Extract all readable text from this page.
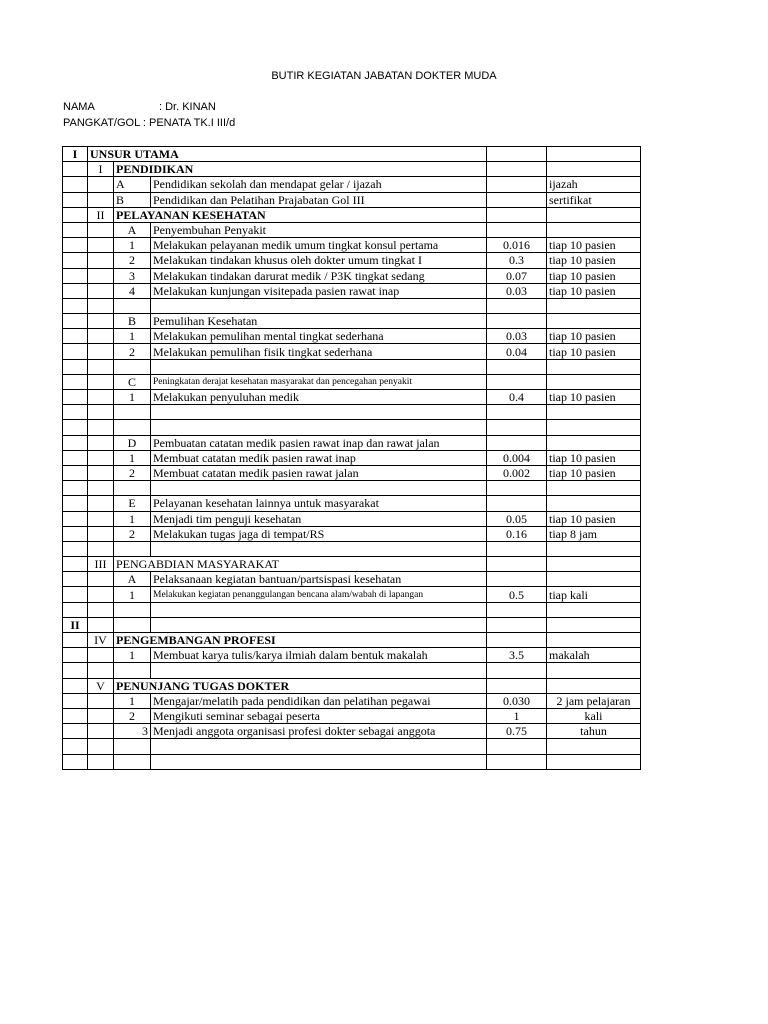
BUTIR KEGIATAN JABATAN DOKTER MUDA
NAMA	: Dr. KINAN
PANGKAT/GOL : PENATA TK.I III/d
I	UNSUR UTAMA				
	I	PENDIDIKAN			
		A	Pendidikan sekolah dan mendapat gelar / ijazah		ijazah
		B	Pendidikan dan Pelatihan Prajabatan Gol III		sertifikat
	II	PELAYANAN KESEHATAN			
		A	Penyembuhan Penyakit		
		1	Melakukan pelayanan medik umum tingkat konsul pertama	0.016	tiap 10 pasien
		2	Melakukan tindakan khusus oleh dokter umum tingkat I	0.3	tiap 10 pasien
		3	Melakukan tindakan darurat medik / P3K tingkat sedang	0.07	tiap 10 pasien
		4	Melakukan kunjungan visitepada pasien rawat inap	0.03	tiap 10 pasien

		B	Pemulihan Kesehatan		
		1	Melakukan pemulihan mental tingkat sederhana	0.03	tiap 10 pasien
		2	Melakukan pemulihan fisik tingkat sederhana	0.04	tiap 10 pasien

		C	Peningkatan derajat kesehatan masyarakat dan pencegahan penyakit		
		1	Melakukan penyuluhan medik	0.4	tiap 10 pasien

		D	Pembuatan catatan medik pasien rawat inap dan rawat jalan		
		1	Membuat catatan medik pasien rawat inap	0.004	tiap 10 pasien
		2	Membuat catatan medik pasien rawat jalan	0.002	tiap 10 pasien

		E	Pelayanan kesehatan lainnya untuk masyarakat		
		1	Menjadi tim penguji kesehatan	0.05	tiap 10 pasien
		2	Melakukan tugas jaga di tempat/RS	0.16	tiap 8 jam

	III	PENGABDIAN MASYARAKAT			
		A	Pelaksanaan kegiatan bantuan/partsispasi kesehatan		
		1	Melakukan kegiatan penanggulangan bencana alam/wabah di lapangan	0.5	tiap kali

II					
	IV	PENGEMBANGAN PROFESI			
		1	Membuat karya tulis/karya ilmiah dalam bentuk makalah	3.5	makalah

	V	PENUNJANG TUGAS DOKTER			
		1	Mengajar/melatih pada pendidikan dan pelatihan pegawai	0.030	2 jam pelajaran
		2	Mengikuti seminar sebagai peserta	1	kali
		3	Menjadi anggota organisasi profesi dokter sebagai anggota	0.75	tahun
